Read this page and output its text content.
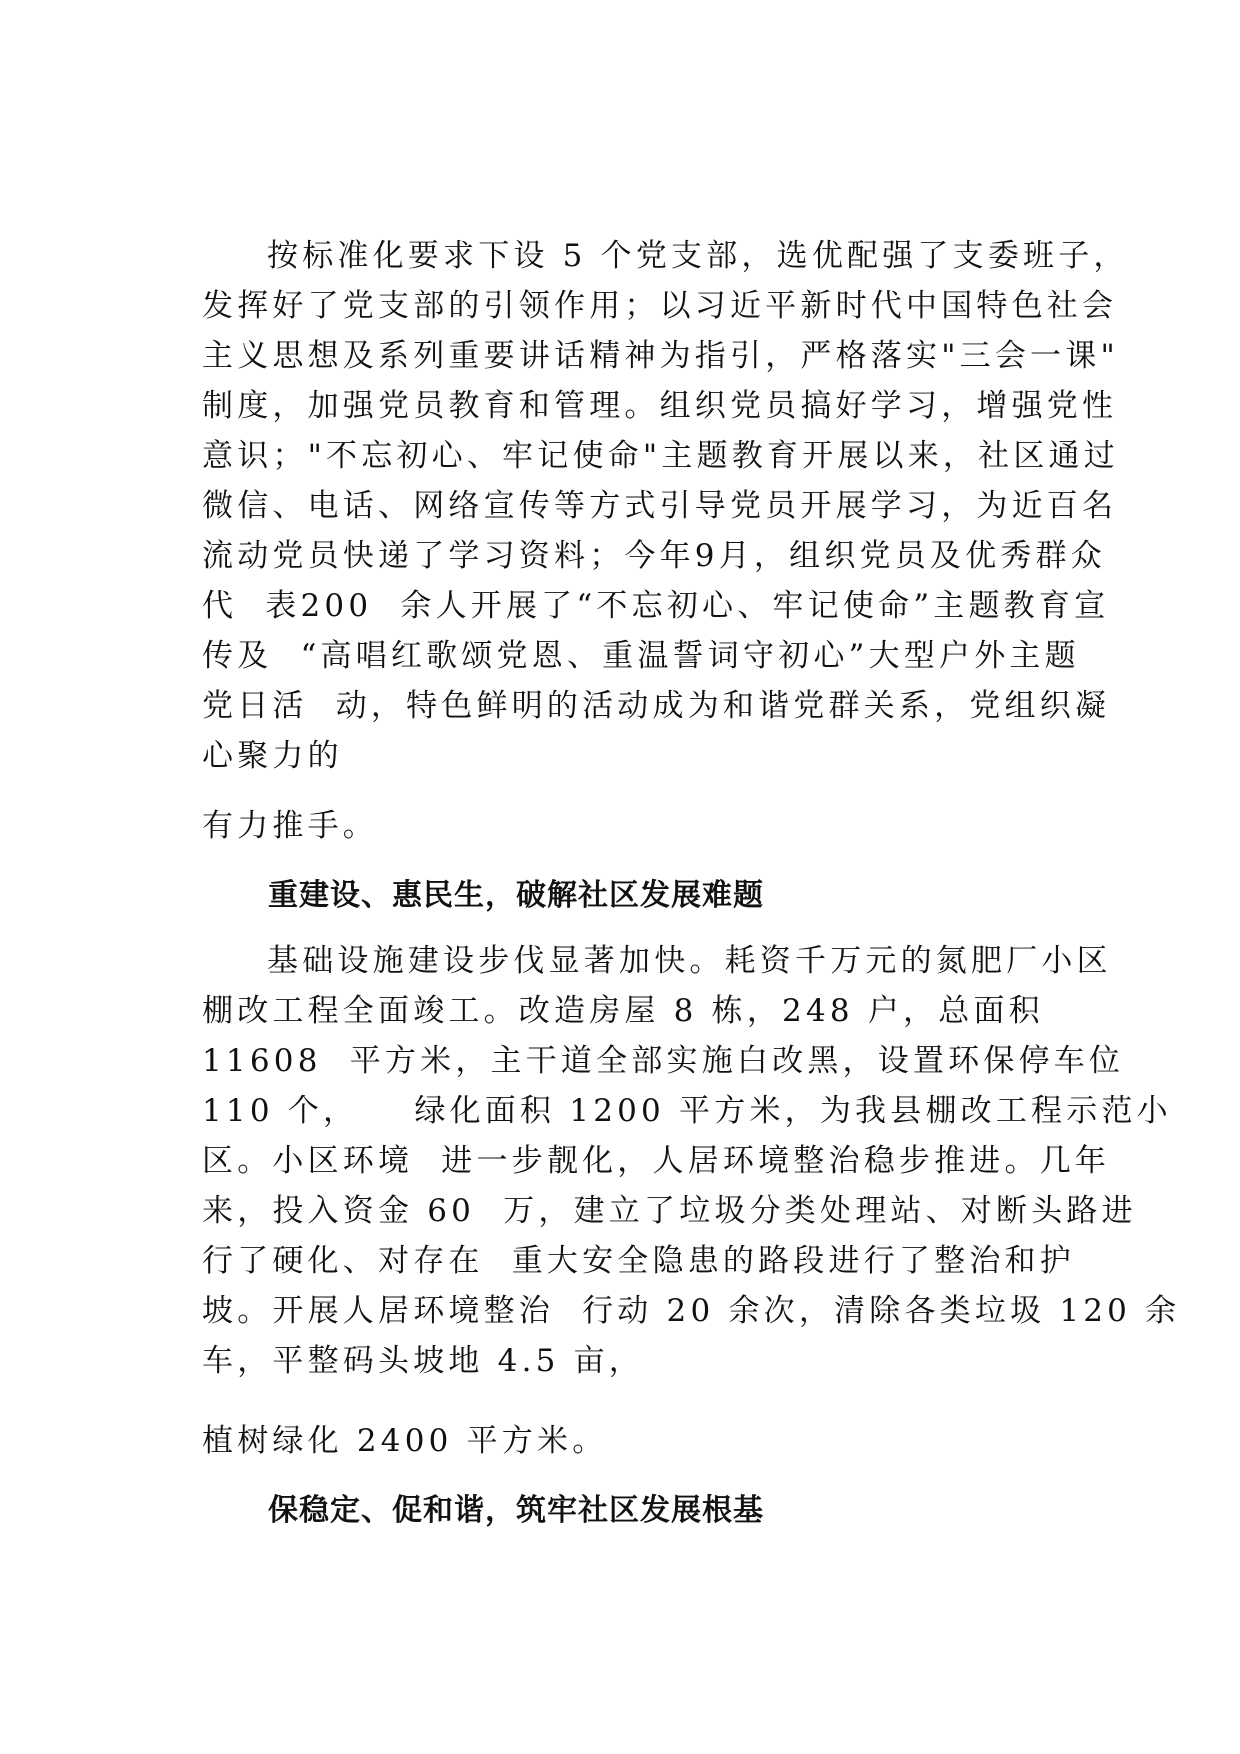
按标准化要求下设 5 个党支部，选优配强了支委班子，
发挥好了党支部的引领作用；以习近平新时代中国特色社会
主义思想及系列重要讲话精神为指引，严格落实"三会一课"
制度，加强党员教育和管理。组织党员搞好学习，增强党性
意识；"不忘初心、牢记使命"主题教育开展以来，社区通过
微信、电话、网络宣传等方式引导党员开展学习，为近百名
流动党员快递了学习资料；今年9月，组织党员及优秀群众
代  表200  余人开展了“不忘初心、牢记使命”主题教育宣
传及  “高唱红歌颂党恩、重温誓词守初心”大型户外主题
党日活  动，特色鲜明的活动成为和谐党群关系，党组织凝
心聚力的
有力推手。
重建设、惠民生，破解社区发展难题
基础设施建设步伐显著加快。耗资千万元的氮肥厂小区
棚改工程全面竣工。改造房屋 8 栋，248 户，总面积
11608  平方米，主干道全部实施白改黑，设置环保停车位
110 个，    绿化面积 1200 平方米，为我县棚改工程示范小
区。小区环境  进一步靓化，人居环境整治稳步推进。几年
来，投入资金 60  万，建立了垃圾分类处理站、对断头路进
行了硬化、对存在  重大安全隐患的路段进行了整治和护
坡。开展人居环境整治  行动 20 余次，清除各类垃圾 120 余
车，平整码头坡地 4.5 亩，
植树绿化 2400 平方米。
保稳定、促和谐，筑牢社区发展根基
